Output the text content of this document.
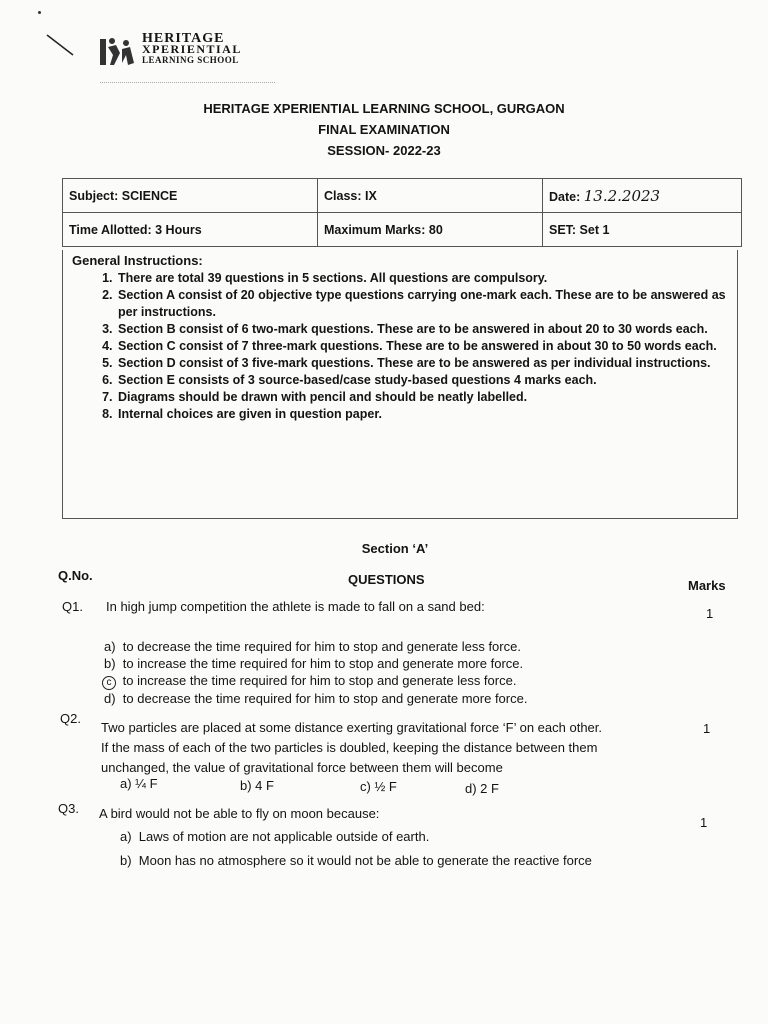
HERITAGE
XPERIENTIAL
LEARNING SCHOOL
HERITAGE XPERIENTIAL LEARNING SCHOOL, GURGAON
FINAL EXAMINATION
SESSION- 2022-23
Subject: SCIENCE	Class: IX	Date: 13.2.2023
Time Allotted: 3 Hours	Maximum Marks: 80	SET: Set 1
General Instructions:
1. There are total 39 questions in 5 sections. All questions are compulsory.
2. Section A consist of 20 objective type questions carrying one-mark each. These are to be answered as per instructions.
3. Section B consist of 6 two-mark questions. These are to be answered in about 20 to 30 words each.
4. Section C consist of 7 three-mark questions. These are to be answered in about 30 to 50 words each.
5. Section D consist of 3 five-mark questions. These are to be answered as per individual instructions.
6. Section E consists of 3 source-based/case study-based questions 4 marks each.
7. Diagrams should be drawn with pencil and should be neatly labelled.
8. Internal choices are given in question paper.
Section ‘A’
Q.No.	QUESTIONS	Marks
Q1. In high jump competition the athlete is made to fall on a sand bed:	1
a) to decrease the time required for him to stop and generate less force.
b) to increase the time required for him to stop and generate more force.
c to increase the time required for him to stop and generate less force.
d) to decrease the time required for him to stop and generate more force.
Q2.
Two particles are placed at some distance exerting gravitational force ‘F’ on each other.
If the mass of each of the two particles is doubled, keeping the distance between them
unchanged, the value of gravitational force between them will become
1
a) ¼ F	b) 4 F	c) ½ F	d) 2 F
Q3. A bird would not be able to fly on moon because:
1
a) Laws of motion are not applicable outside of earth.
b) Moon has no atmosphere so it would not be able to generate the reactive force
